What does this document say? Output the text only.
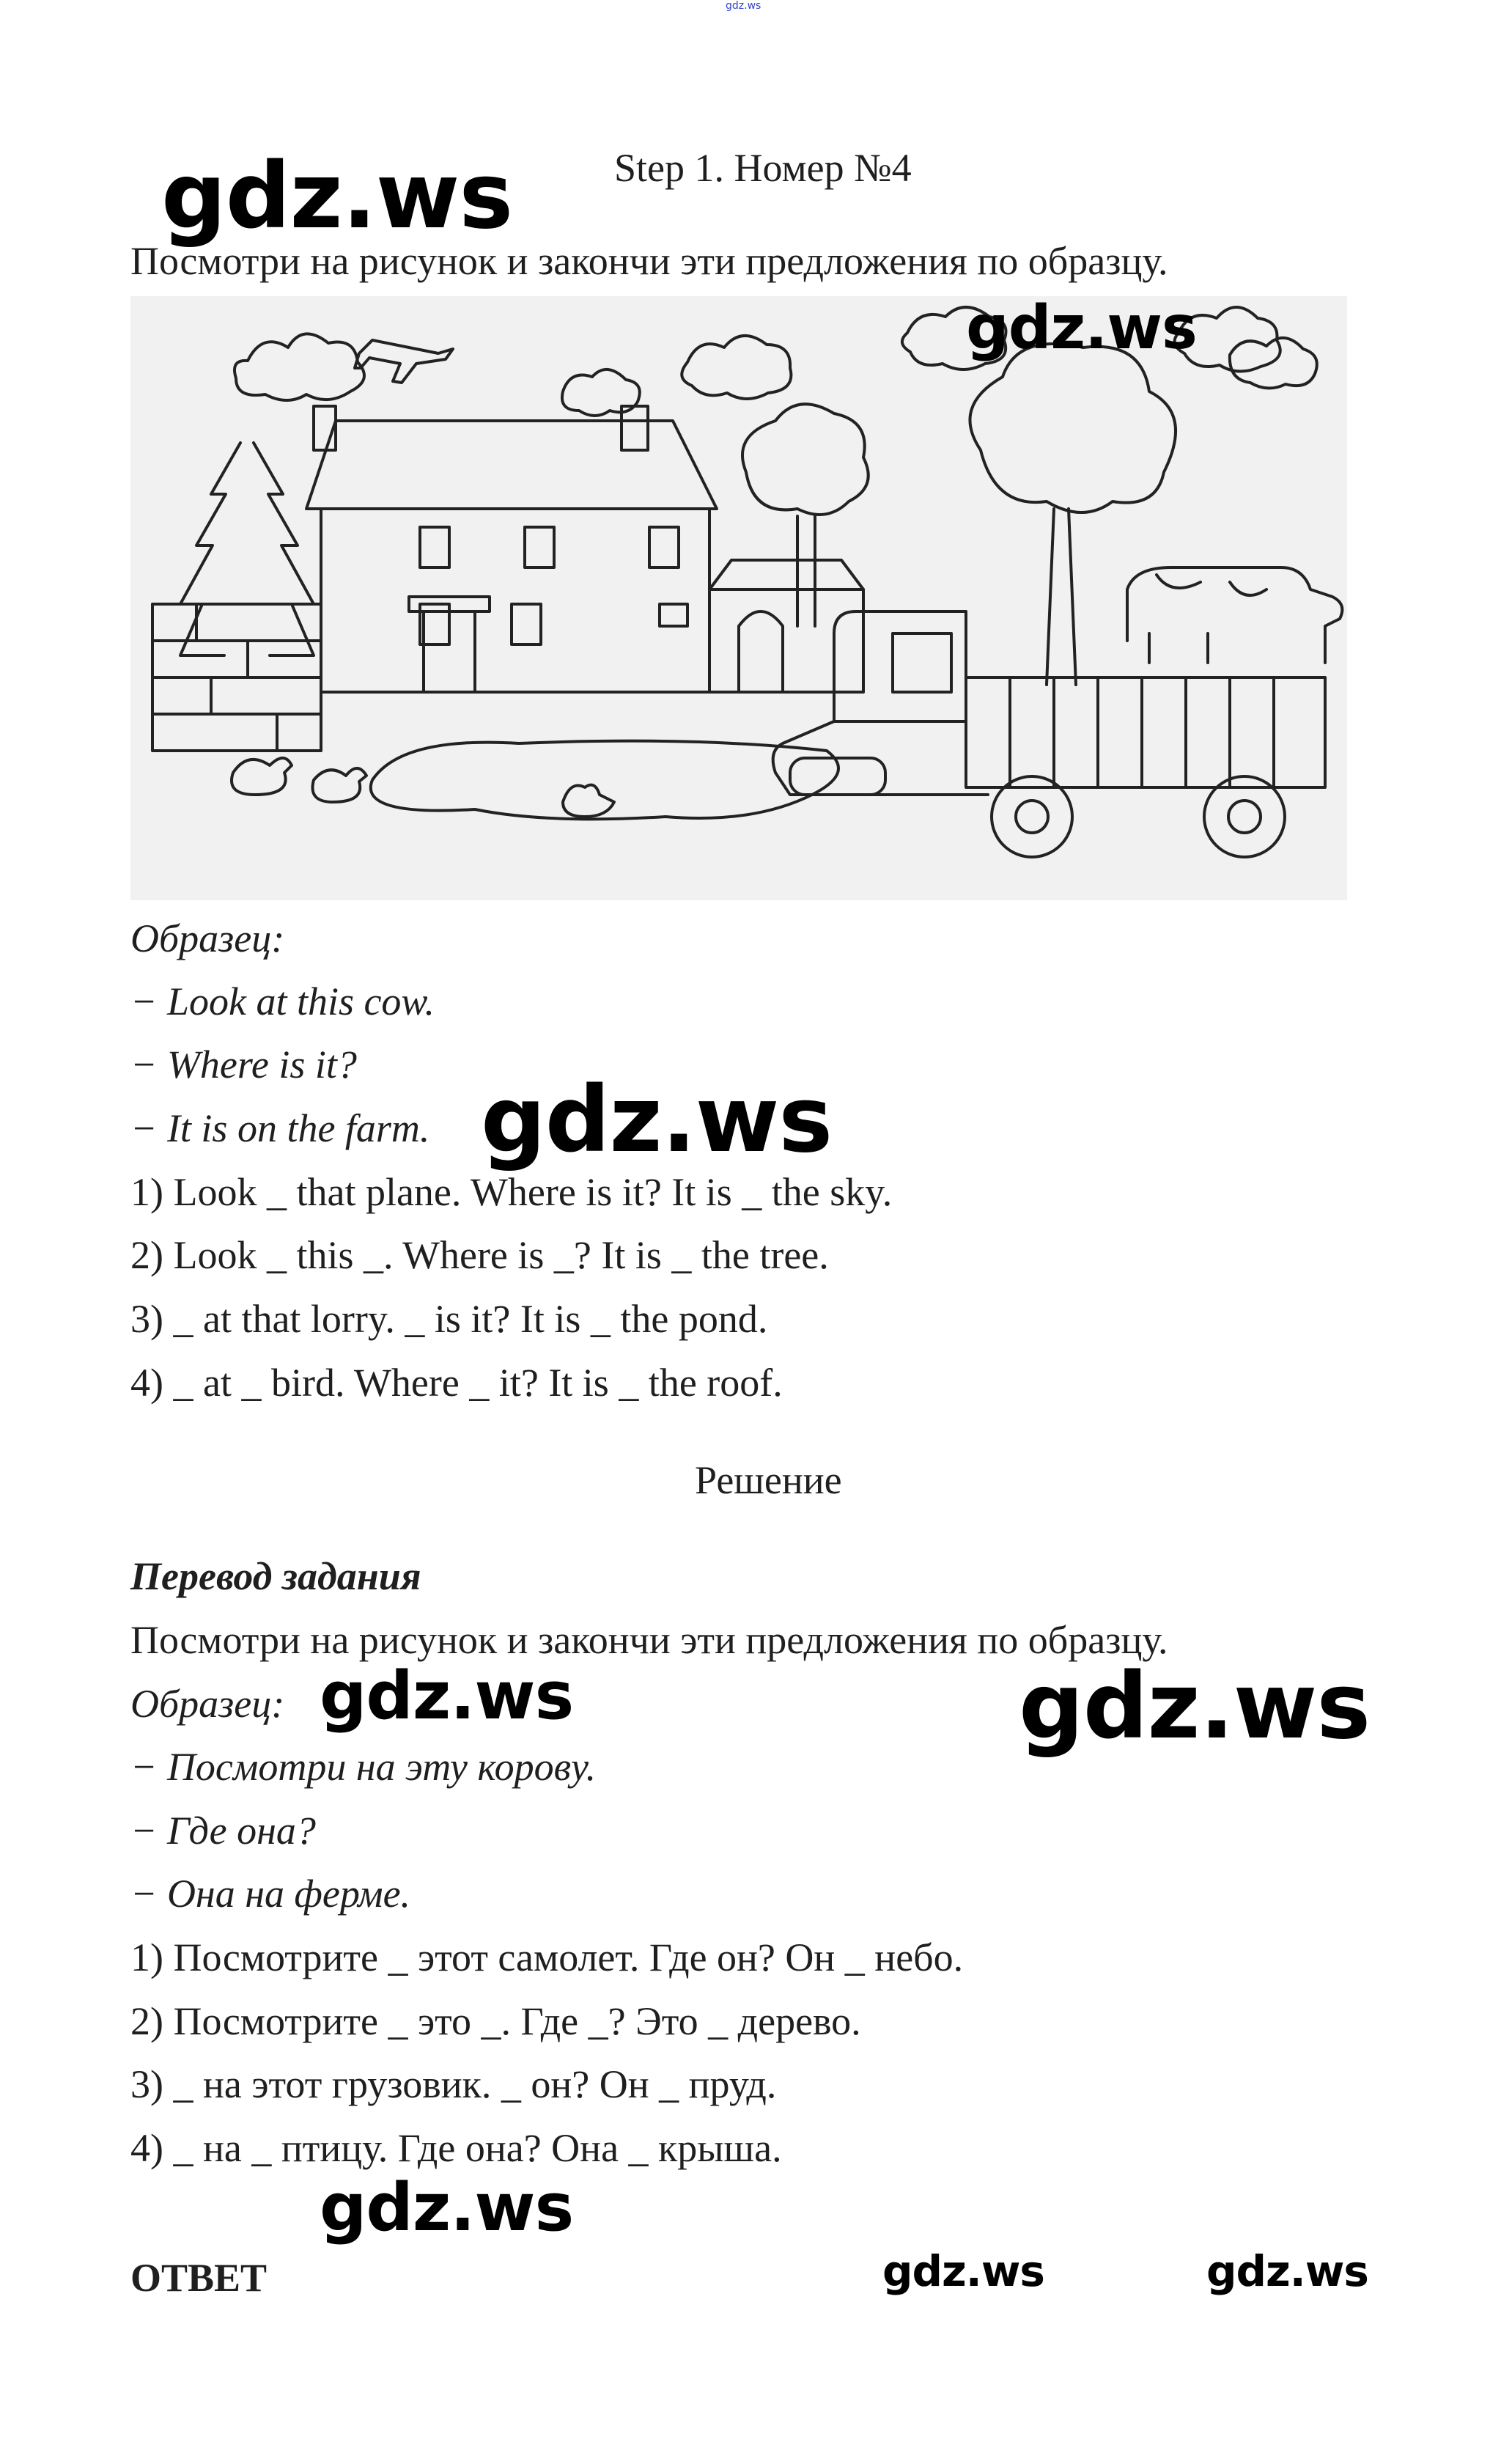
gdz.ws
Step 1. Номер №4
gdz.ws
Посмотри на рисунок и закончи эти предложения по образцу.
gdz.ws
Образец:
− Look at this cow.
− Where is it?
− It is on the farm. gdz.ws
1) Look _ that plane. Where is it? It is _ the sky.
2) Look _ this _. Where is _? It is _ the tree.
3) _ at that lorry. _ is it? It is _ the pond.
4) _ at _ bird. Where _ it? It is _ the roof.
Решение
Перевод задания
Посмотри на рисунок и закончи эти предложения по образцу.
Образец: gdz.ws	gdz.ws
− Посмотри на эту корову.
− Где она?
− Она на ферме.
1) Посмотрите _ этот самолет. Где он? Он _ небо.
2) Посмотрите _ это _. Где _? Это _ дерево.
3) _ на этот грузовик. _ он? Он _ пруд.
4) _ на _ птицу. Где она? Она _ крыша.
gdz.ws
ОТВЕТ	gdz.ws	gdz.ws
